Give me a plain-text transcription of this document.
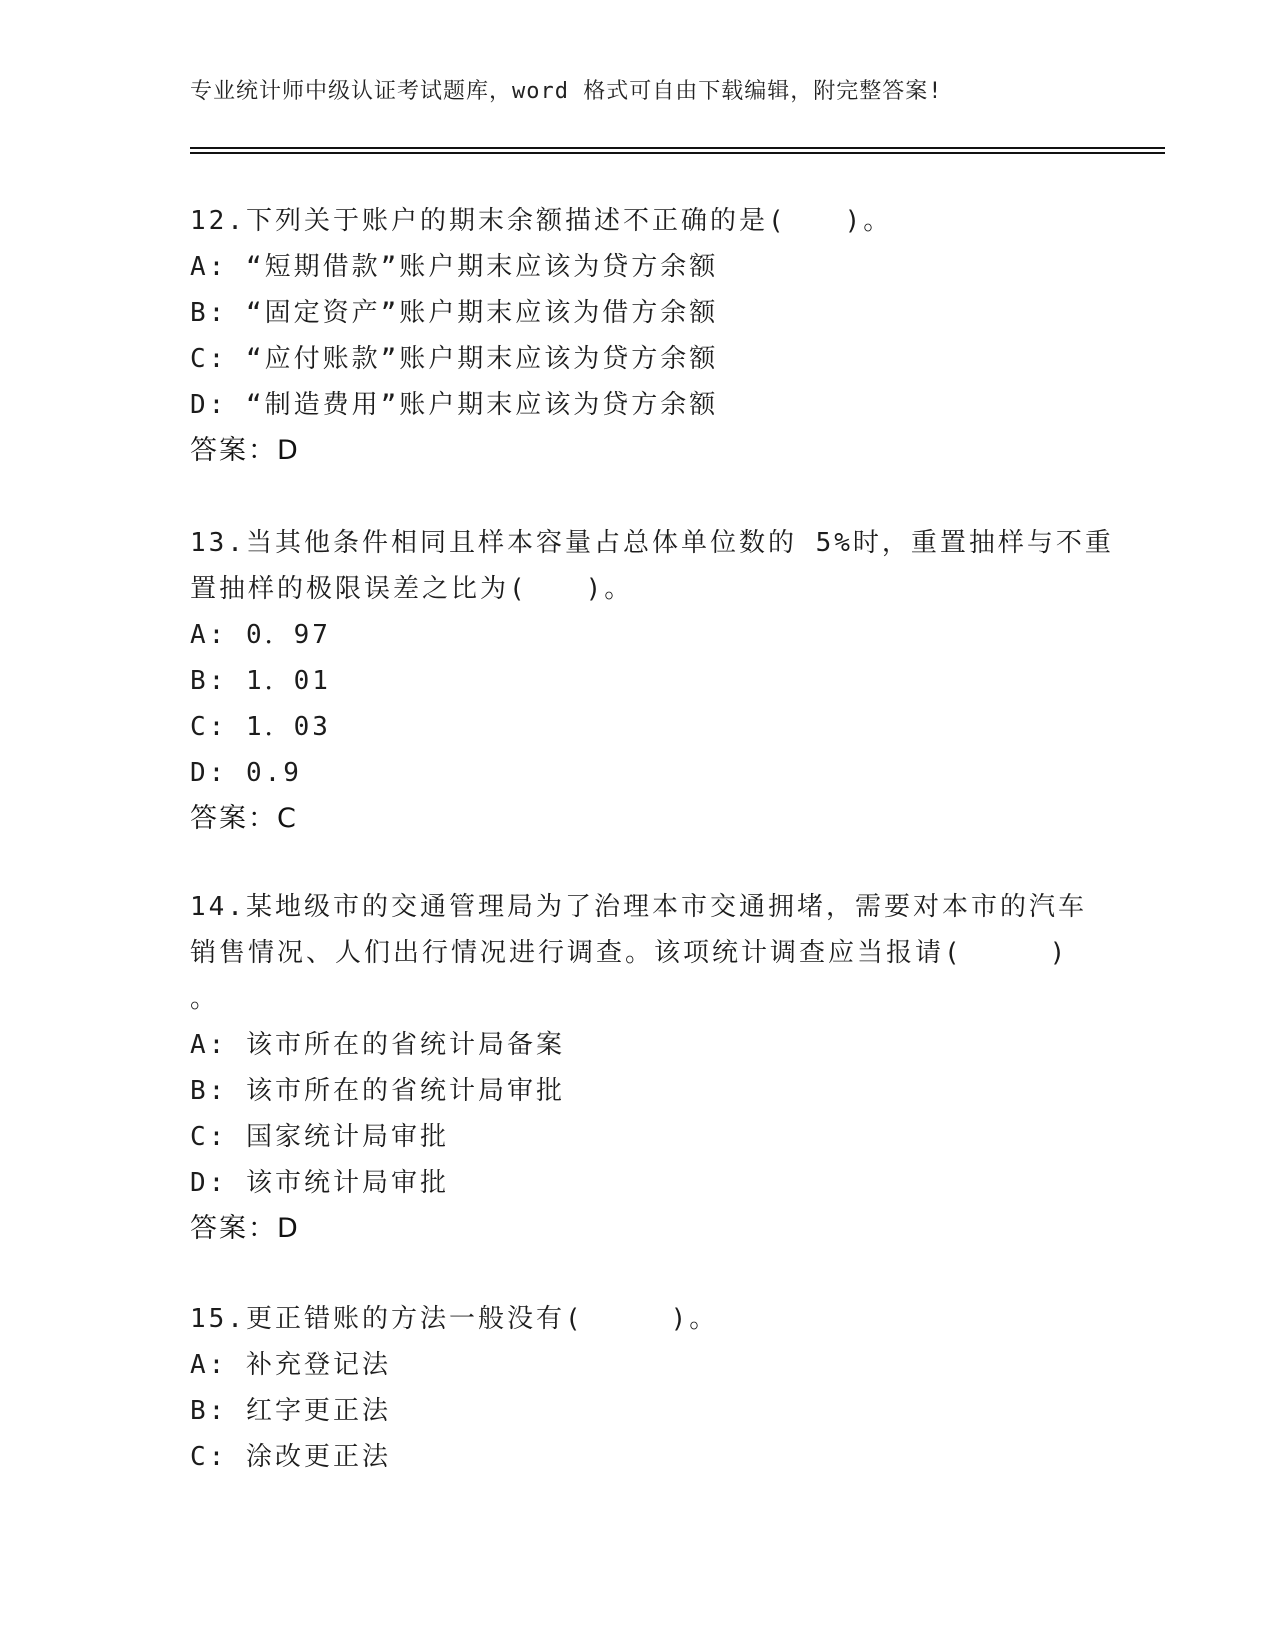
专业统计师中级认证考试题库，word 格式可自由下载编辑，附完整答案!
12.下列关于账户的期末余额描述不正确的是(　　)。
A: “短期借款”账户期末应该为贷方余额
B: “固定资产”账户期末应该为借方余额
C: “应付账款”账户期末应该为贷方余额
D: “制造费用”账户期末应该为贷方余额
答案：D
13.当其他条件相同且样本容量占总体单位数的 5%时，重置抽样与不重
置抽样的极限误差之比为(　　)。
A: 0．97
B: 1．01
C: 1．03
D: 0.9
答案：C
14.某地级市的交通管理局为了治理本市交通拥堵，需要对本市的汽车
销售情况、人们出行情况进行调查。该项统计调查应当报请(　　　)
。
A: 该市所在的省统计局备案
B: 该市所在的省统计局审批
C: 国家统计局审批
D: 该市统计局审批
答案：D
15.更正错账的方法一般没有(　　　)。
A: 补充登记法
B: 红字更正法
C: 涂改更正法
